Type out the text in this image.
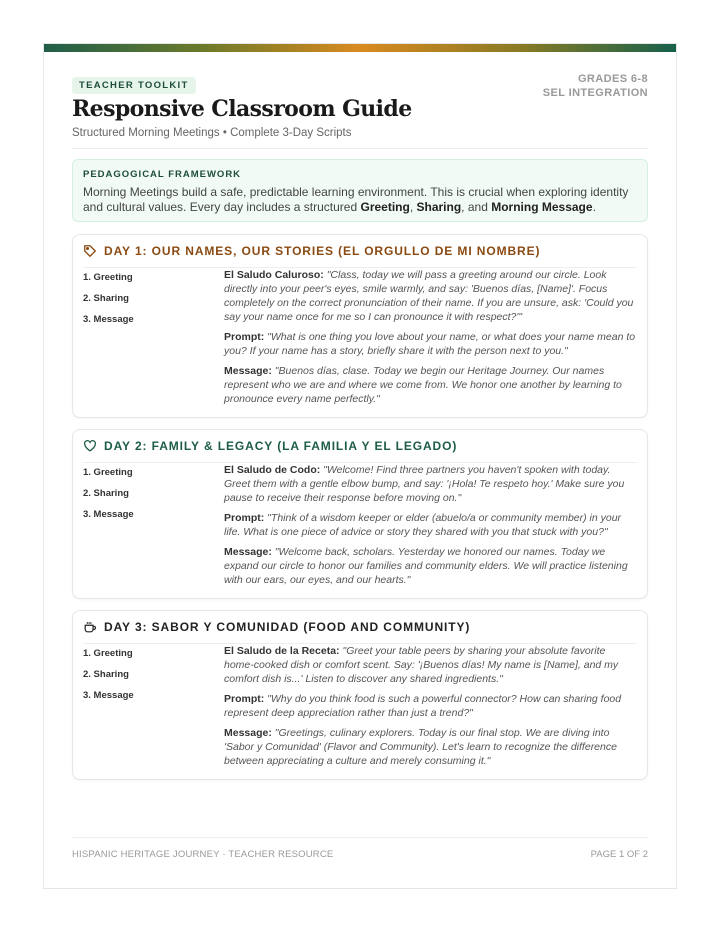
TEACHER TOOLKIT
GRADES 6-8
SEL INTEGRATION
Responsive Classroom Guide
Structured Morning Meetings • Complete 3-Day Scripts
PEDAGOGICAL FRAMEWORK
Morning Meetings build a safe, predictable learning environment. This is crucial when exploring identity and cultural values. Every day includes a structured Greeting, Sharing, and Morning Message.
DAY 1: OUR NAMES, OUR STORIES (EL ORGULLO DE MI NOMBRE)
1. Greeting
2. Sharing
3. Message
El Saludo Caluroso: "Class, today we will pass a greeting around our circle. Look directly into your peer's eyes, smile warmly, and say: 'Buenos días, [Name]'. Focus completely on the correct pronunciation of their name. If you are unsure, ask: 'Could you say your name once for me so I can pronounce it with respect?'"
Prompt: "What is one thing you love about your name, or what does your name mean to you? If your name has a story, briefly share it with the person next to you."
Message: "Buenos días, clase. Today we begin our Heritage Journey. Our names represent who we are and where we come from. We honor one another by learning to pronounce every name perfectly."
DAY 2: FAMILY & LEGACY (LA FAMILIA Y EL LEGADO)
1. Greeting
2. Sharing
3. Message
El Saludo de Codo: "Welcome! Find three partners you haven't spoken with today. Greet them with a gentle elbow bump, and say: '¡Hola! Te respeto hoy.' Make sure you pause to receive their response before moving on."
Prompt: "Think of a wisdom keeper or elder (abuelo/a or community member) in your life. What is one piece of advice or story they shared with you that stuck with you?"
Message: "Welcome back, scholars. Yesterday we honored our names. Today we expand our circle to honor our families and community elders. We will practice listening with our ears, our eyes, and our hearts."
DAY 3: SABOR Y COMUNIDAD (FOOD AND COMMUNITY)
1. Greeting
2. Sharing
3. Message
El Saludo de la Receta: "Greet your table peers by sharing your absolute favorite home-cooked dish or comfort scent. Say: '¡Buenos días! My name is [Name], and my comfort dish is...' Listen to discover any shared ingredients."
Prompt: "Why do you think food is such a powerful connector? How can sharing food represent deep appreciation rather than just a trend?"
Message: "Greetings, culinary explorers. Today is our final stop. We are diving into 'Sabor y Comunidad' (Flavor and Community). Let's learn to recognize the difference between appreciating a culture and merely consuming it."
HISPANIC HERITAGE JOURNEY · TEACHER RESOURCE	PAGE 1 OF 2
